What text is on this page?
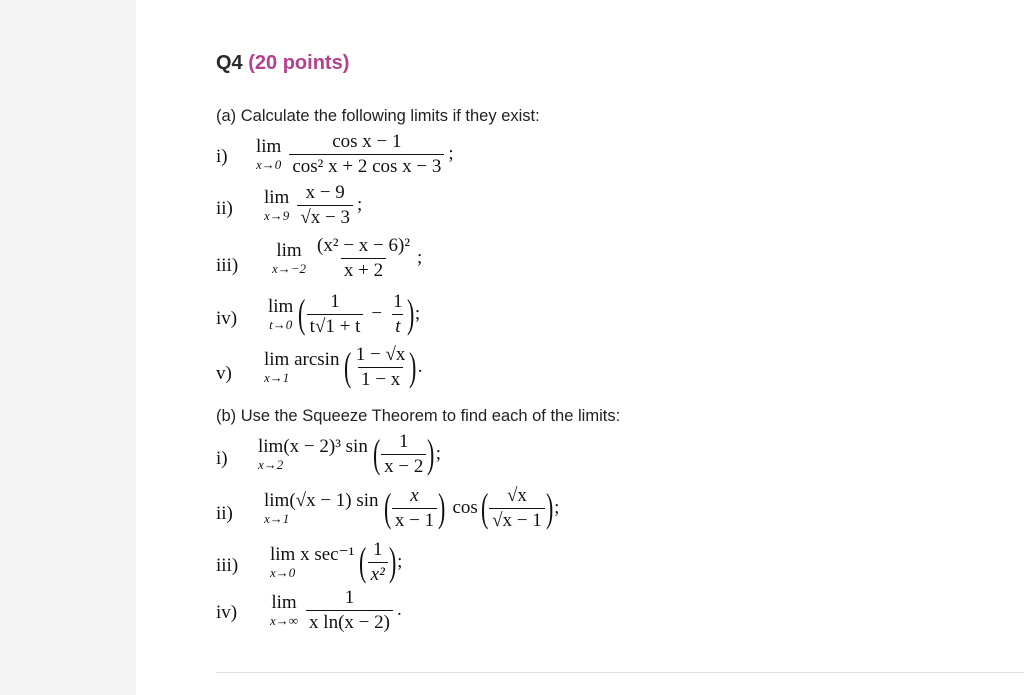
Q4 (20 points)
(a) Calculate the following limits if they exist:
i) lim
$x\to 0 \frac{\text{cos x − 1}}{\text{cos² x + 2 cos x − 3}}$ ;
ii)
lim
$x\to 9 \frac{x - 9}{√x - 3}$ ;
iii)
lim
$x\to-2 \frac{\text{(x² − x − 6)²}}{x + 2}$ ;
iv)
lim
t→0 ( $\frac{1}{t√1 + t} - \frac{1}{t}$ ) ;
v)
lim arcsin
x→1 ( $\frac{1 - √x}{1 - x}$ ) .
(b) Use the Squeeze Theorem to find each of the limits:
i)
lim(x − 2)³ sin
x→2 ( $\frac{1}{x - 2}$ ) ;
ii)
lim(√x − 1) sin
x→1 ( $\frac{x}{x - 1}$ ) cos ( $\frac{√x}{√x - 1}$ ) ;
iii)
lim x sec⁻¹
x→0 ( $\frac{1}{\text{x²}}$ ) ;
iv) lim
$x\to\infty \frac{1}{\text{x ln(x − 2)}}$ .
